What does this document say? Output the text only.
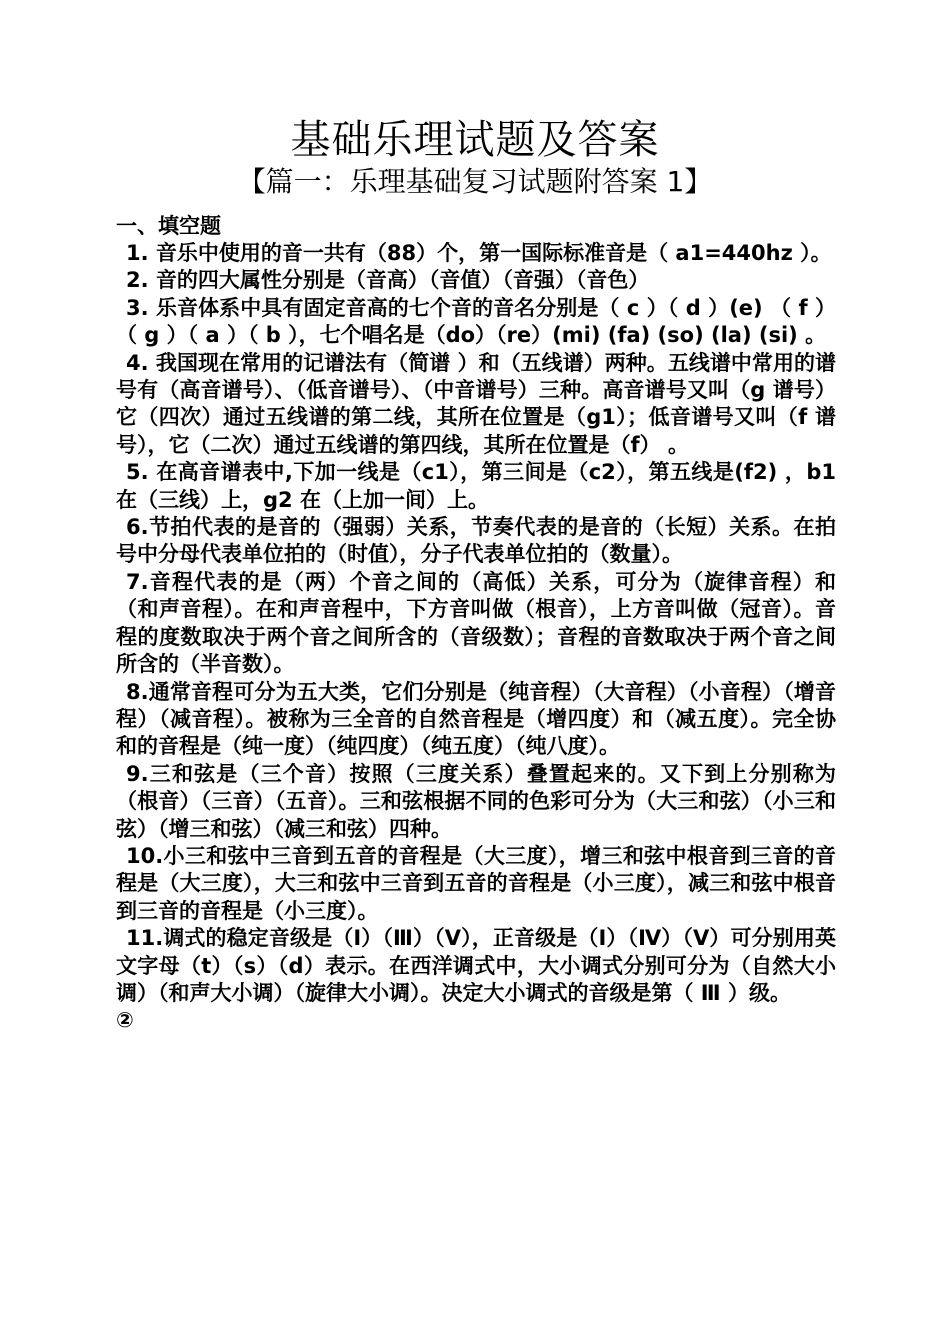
基础乐理试题及答案
【篇一：乐理基础复习试题附答案 1】
一、填空题

1. 音乐中使用的音一共有（88）个，第一国际标准音是（ a1=440hz ）。

2. 音的四大属性分别是（音高）（音值）（音强）（音色）

3. 乐音体系中具有固定音高的七个音的音名分别是（ c ）（ d ）(e) （ f ）（ g ）（ a ）（ b ），七个唱名是（do）（re）(mi) (fa) (so) (la) (si) 。

4. 我国现在常用的记谱法有（简谱 ）和（五线谱）两种。五线谱中常用的谱号有（高音谱号）、（低音谱号）、（中音谱号）三种。高音谱号又叫（g 谱号）它（四次）通过五线谱的第二线，其所在位置是（g1）；低音谱号又叫（f 谱号），它（二次）通过五线谱的第四线，其所在位置是（f） 。

5. 在高音谱表中,下加一线是（c1），第三间是（c2），第五线是(f2) ，b1 在（三线）上，g2 在（上加一间）上。

6.节拍代表的是音的（强弱）关系，节奏代表的是音的（长短）关系。在拍号中分母代表单位拍的（时值），分子代表单位拍的（数量）。

7.音程代表的是（两）个音之间的（高低）关系，可分为（旋律音程）和（和声音程）。在和声音程中，下方音叫做（根音），上方音叫做（冠音）。音程的度数取决于两个音之间所含的（音级数）；音程的音数取决于两个音之间所含的（半音数）。

8.通常音程可分为五大类，它们分别是（纯音程）（大音程）（小音程）（增音程）（减音程）。被称为三全音的自然音程是（增四度）和（减五度）。完全协和的音程是（纯一度）（纯四度）（纯五度）（纯八度）。

9.三和弦是（三个音）按照（三度关系）叠置起来的。又下到上分别称为（根音）（三音）（五音）。三和弦根据不同的色彩可分为（大三和弦）（小三和弦）（增三和弦）（减三和弦）四种。

10.小三和弦中三音到五音的音程是（大三度），增三和弦中根音到三音的音程是（大三度），大三和弦中三音到五音的音程是（小三度），减三和弦中根音到三音的音程是（小三度）。

11.调式的稳定音级是（Ⅰ）（Ⅲ）（Ⅴ），正音级是（Ⅰ）（Ⅳ）（Ⅴ）可分别用英文字母（t）（s）（d）表示。在西洋调式中，大小调式分别可分为（自然大小调）（和声大小调）（旋律大小调）。决定大小调式的音级是第（ Ⅲ ）级。

②
